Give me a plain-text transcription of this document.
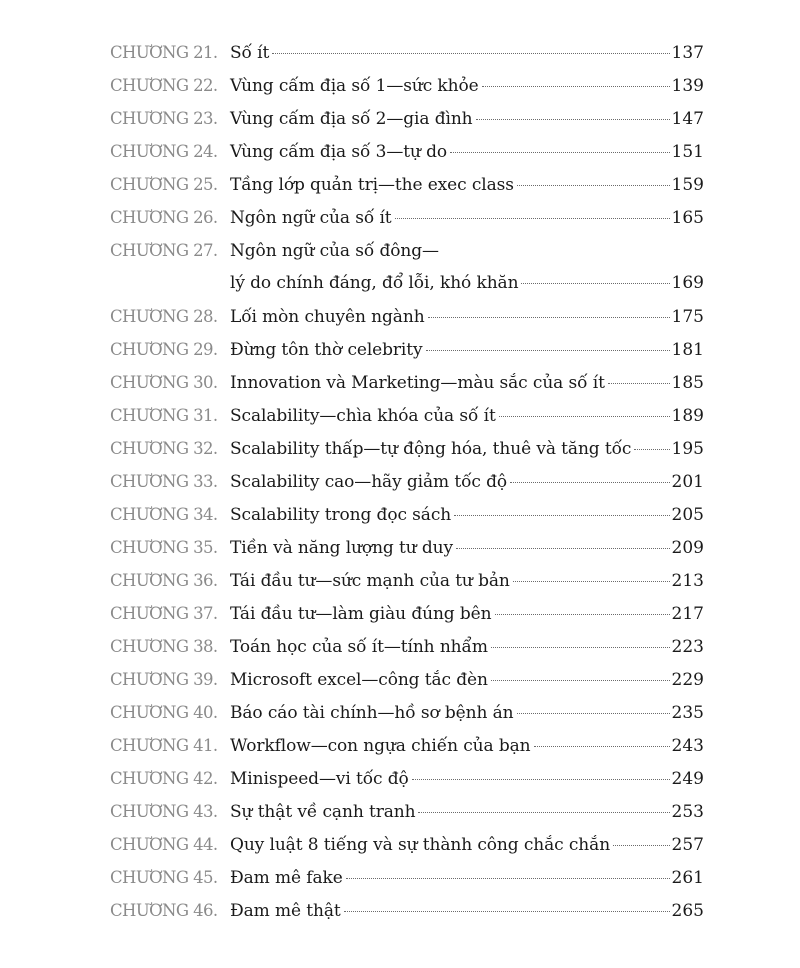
CHƯƠNG 21. Số ít	137
CHƯƠNG 22. Vùng cấm địa số 1—sức khỏe	139
CHƯƠNG 23. Vùng cấm địa số 2—gia đình	147
CHƯƠNG 24. Vùng cấm địa số 3—tự do	151
CHƯƠNG 25. Tầng lớp quản trị—the exec class	159
CHƯƠNG 26. Ngôn ngữ của số ít	165
CHƯƠNG 27. Ngôn ngữ của số đông—
lý do chính đáng, đổ lỗi, khó khăn	169
CHƯƠNG 28. Lối mòn chuyên ngành	175
CHƯƠNG 29. Đừng tôn thờ celebrity	181
CHƯƠNG 30. Innovation và Marketing—màu sắc của số ít	185
CHƯƠNG 31. Scalability—chìa khóa của số ít	189
CHƯƠNG 32. Scalability thấp—tự động hóa, thuê và tăng tốc 195
CHƯƠNG 33. Scalability cao—hãy giảm tốc độ	201
CHƯƠNG 34. Scalability trong đọc sách	205
CHƯƠNG 35. Tiền và năng lượng tư duy	209
CHƯƠNG 36. Tái đầu tư—sức mạnh của tư bản	213
CHƯƠNG 37. Tái đầu tư—làm giàu đúng bên	217
CHƯƠNG 38. Toán học của số ít—tính nhẩm	223
CHƯƠNG 39. Microsoft excel—công tắc đèn	229
CHƯƠNG 40. Báo cáo tài chính—hồ sơ bệnh án	235
CHƯƠNG 41. Workflow—con ngựa chiến của bạn	243
CHƯƠNG 42. Minispeed—vi tốc độ	249
CHƯƠNG 43. Sự thật về cạnh tranh	253
CHƯƠNG 44. Quy luật 8 tiếng và sự thành công chắc chắn	257
CHƯƠNG 45. Đam mê fake	261
CHƯƠNG 46. Đam mê thật	265
